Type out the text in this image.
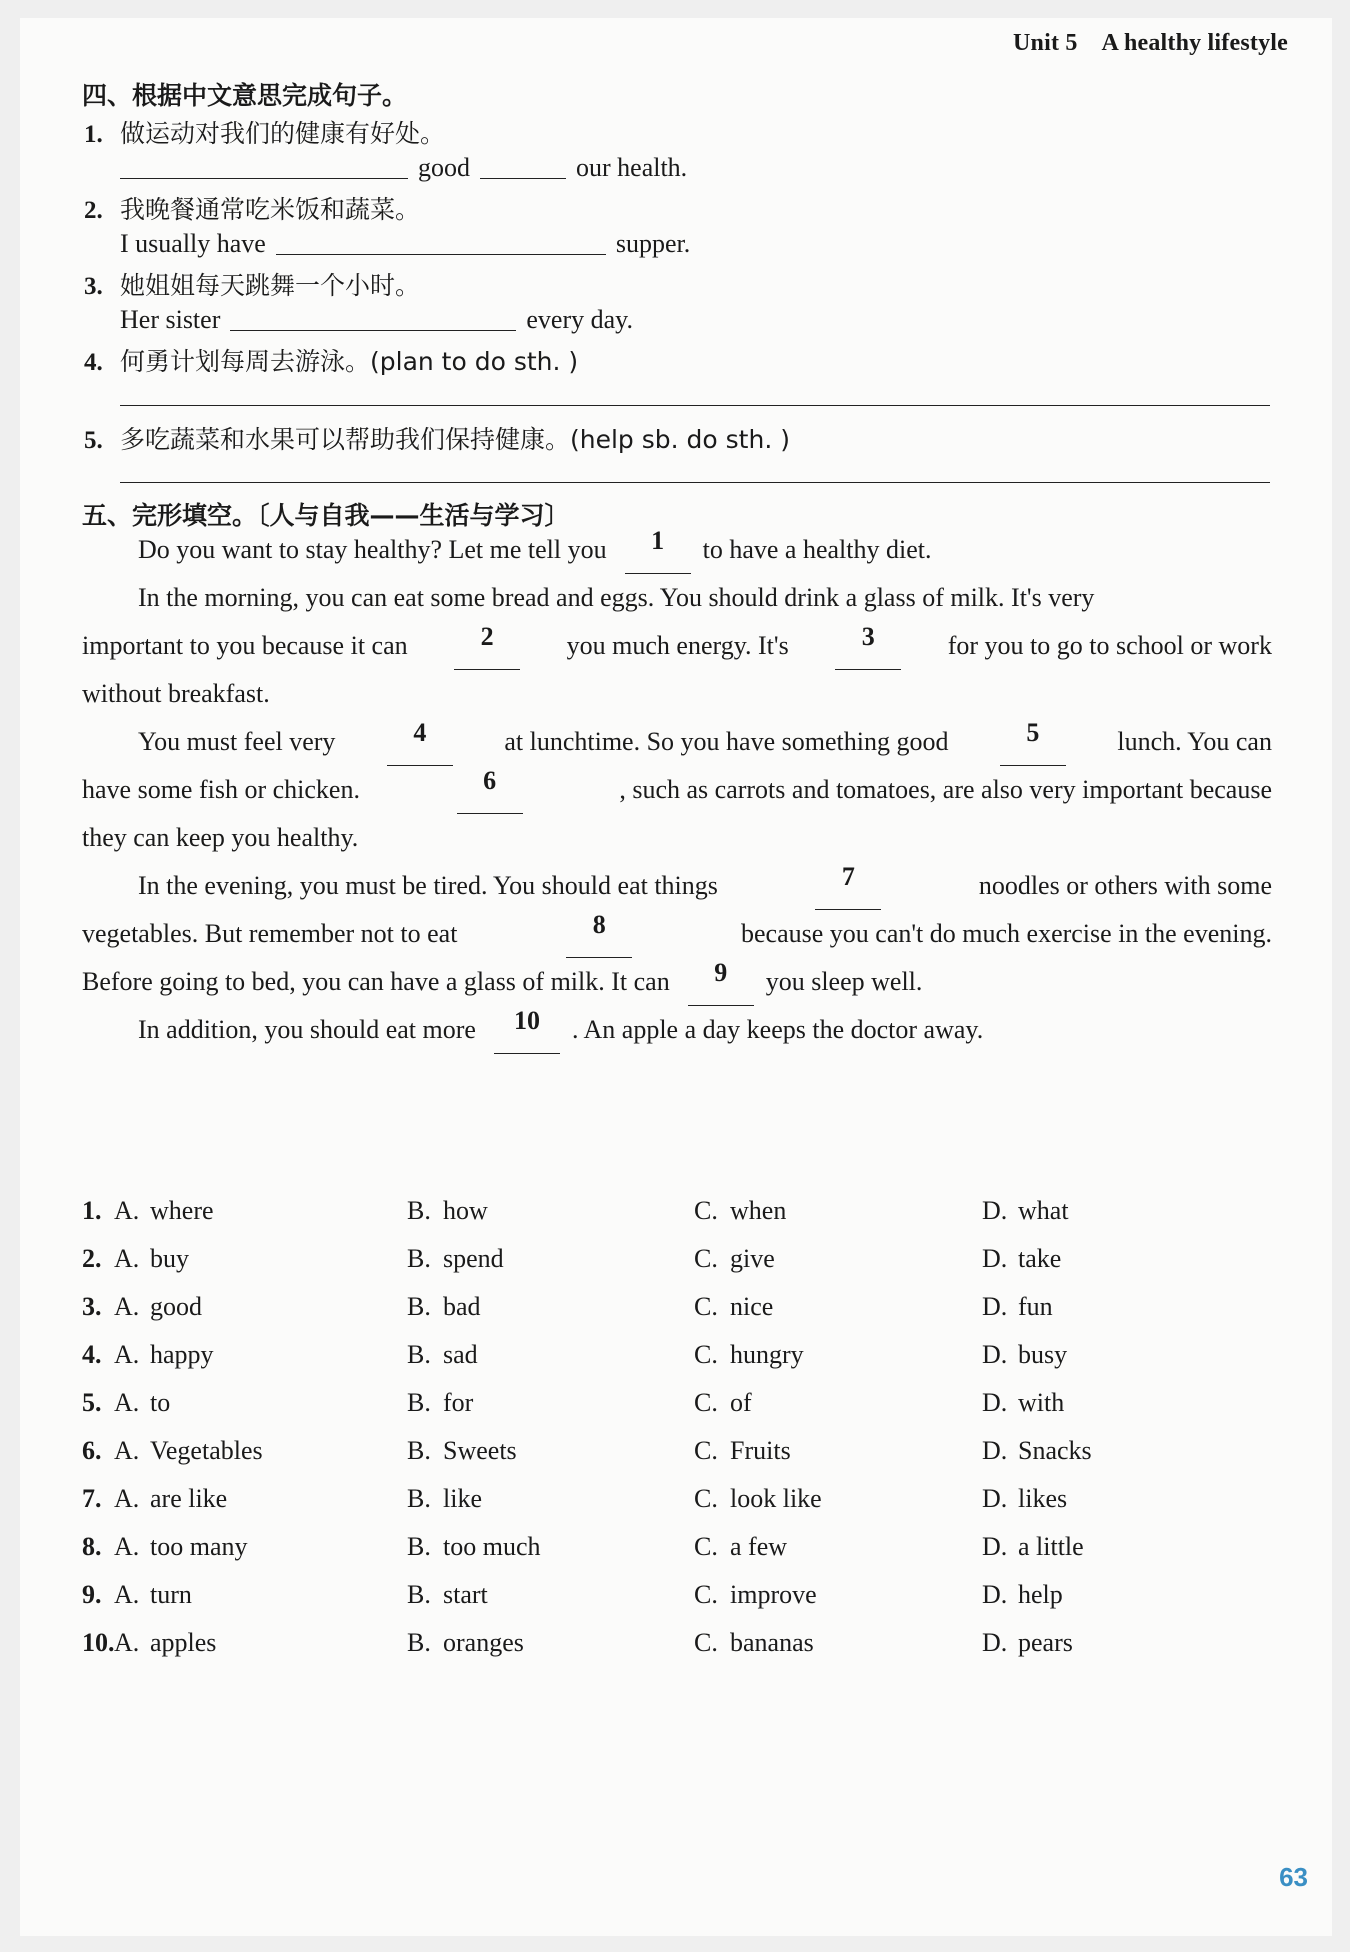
Unit 5 A healthy lifestyle
四、根据中文意思完成句子。
1. 做运动对我们的健康有好处。
good	our health.
2. 我晚餐通常吃米饭和蔬菜。
I usually have	supper.
3. 她姐姐每天跳舞一个小时。
Her sister	every day.
4. 何勇计划每周去游泳。(plan to do sth. )
5. 多吃蔬菜和水果可以帮助我们保持健康。(help sb. do sth. )
五、完形填空。〔人与自我——生活与学习〕
Do you want to stay healthy? Let me tell you	1	to have a healthy diet.
In the morning, you can eat some bread and eggs. You should drink a glass of milk. It's very
important to you because it can	2	you much energy. It's	3	for you to go to school or work
without breakfast.
You must feel very	4	at lunchtime. So you have something good	5	lunch. You can
have some fish or chicken.	6	, such as carrots and tomatoes, are also very important because
they can keep you healthy.
In the evening, you must be tired. You should eat things	7	noodles or others with some
vegetables. But remember not to eat	8	because you can't do much exercise in the evening.
Before going to bed, you can have a glass of milk. It can	9	you sleep well.
In addition, you should eat more	10	. An apple a day keeps the doctor away.
1. A. where	B. how	C. when	D. what
2. A. buy	B. spend	C. give	D. take
3. A. good	B. bad	C. nice	D. fun
4. A. happy	B. sad	C. hungry	D. busy
5. A. to	B. for	C. of	D. with
6. A. Vegetables	B. Sweets	C. Fruits	D. Snacks
7. A. are like	B. like	C. look like	D. likes
8. A. too many	B. too much	C. a few	D. a little
9. A. turn	B. start	C. improve	D. help
10. A. apples	B. oranges	C. bananas	D. pears
63
